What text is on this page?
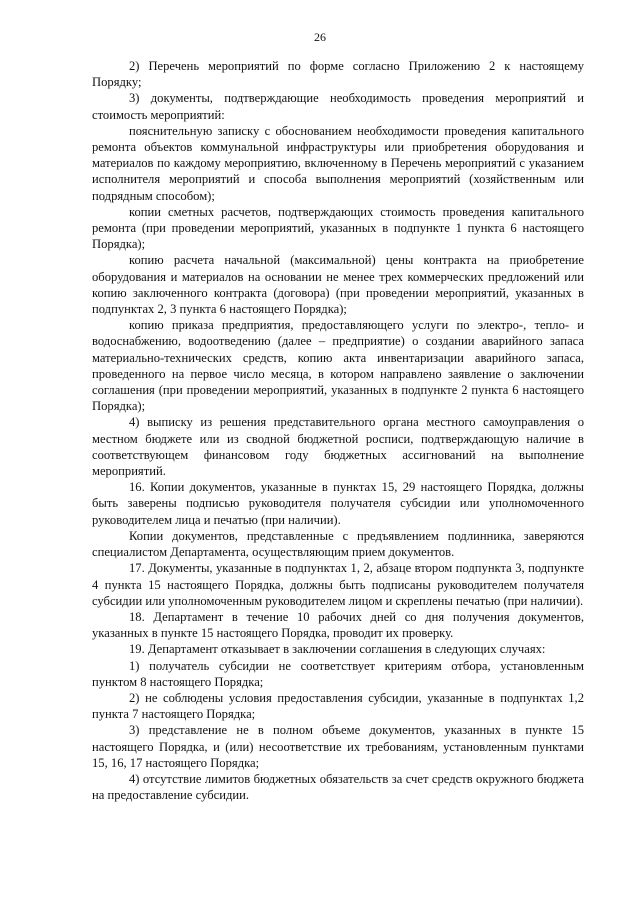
26

2) Перечень мероприятий по форме согласно Приложению 2 к настоящему Порядку;

3) документы, подтверждающие необходимость проведения мероприятий и стоимость мероприятий:

пояснительную записку с обоснованием необходимости проведения капитального ремонта объектов коммунальной инфраструктуры или приобретения оборудования и материалов по каждому мероприятию, включенному в Перечень мероприятий с указанием исполнителя мероприятий и способа выполнения мероприятий (хозяйственным или подрядным способом);

копии сметных расчетов, подтверждающих стоимость проведения капитального ремонта (при проведении мероприятий, указанных в подпункте 1 пункта 6 настоящего Порядка);

копию расчета начальной (максимальной) цены контракта на приобретение оборудования и материалов на основании не менее трех коммерческих предложений или копию заключенного контракта (договора) (при проведении мероприятий, указанных в подпунктах 2, 3 пункта 6 настоящего Порядка);

копию приказа предприятия, предоставляющего услуги по электро-, тепло- и водоснабжению, водоотведению (далее – предприятие) о создании аварийного запаса материально-технических средств, копию акта инвентаризации аварийного запаса, проведенного на первое число месяца, в котором направлено заявление о заключении соглашения (при проведении мероприятий, указанных в подпункте 2 пункта 6 настоящего Порядка);

4) выписку из решения представительного органа местного самоуправления о местном бюджете или из сводной бюджетной росписи, подтверждающую наличие в соответствующем финансовом году бюджетных ассигнований на выполнение мероприятий.

16. Копии документов, указанные в пунктах 15, 29 настоящего Порядка, должны быть заверены подписью руководителя получателя субсидии или уполномоченного руководителем лица и печатью (при наличии).

Копии документов, представленные с предъявлением подлинника, заверяются специалистом Департамента, осуществляющим прием документов.

17. Документы, указанные в подпунктах 1, 2, абзаце втором подпункта 3, подпункте 4 пункта 15 настоящего Порядка, должны быть подписаны руководителем получателя субсидии или уполномоченным руководителем лицом и скреплены печатью (при наличии).

18. Департамент в течение 10 рабочих дней со дня получения документов, указанных в пункте 15 настоящего Порядка, проводит их проверку.

19. Департамент отказывает в заключении соглашения в следующих случаях:

1) получатель субсидии не соответствует критериям отбора, установленным пунктом 8 настоящего Порядка;

2) не соблюдены условия предоставления субсидии, указанные в подпунктах 1,2 пункта 7 настоящего Порядка;

3) представление не в полном объеме документов, указанных в пункте 15 настоящего Порядка, и (или) несоответствие их требованиям, установленным пунктами 15, 16, 17 настоящего Порядка;

4) отсутствие лимитов бюджетных обязательств за счет средств окружного бюджета на предоставление субсидии.
